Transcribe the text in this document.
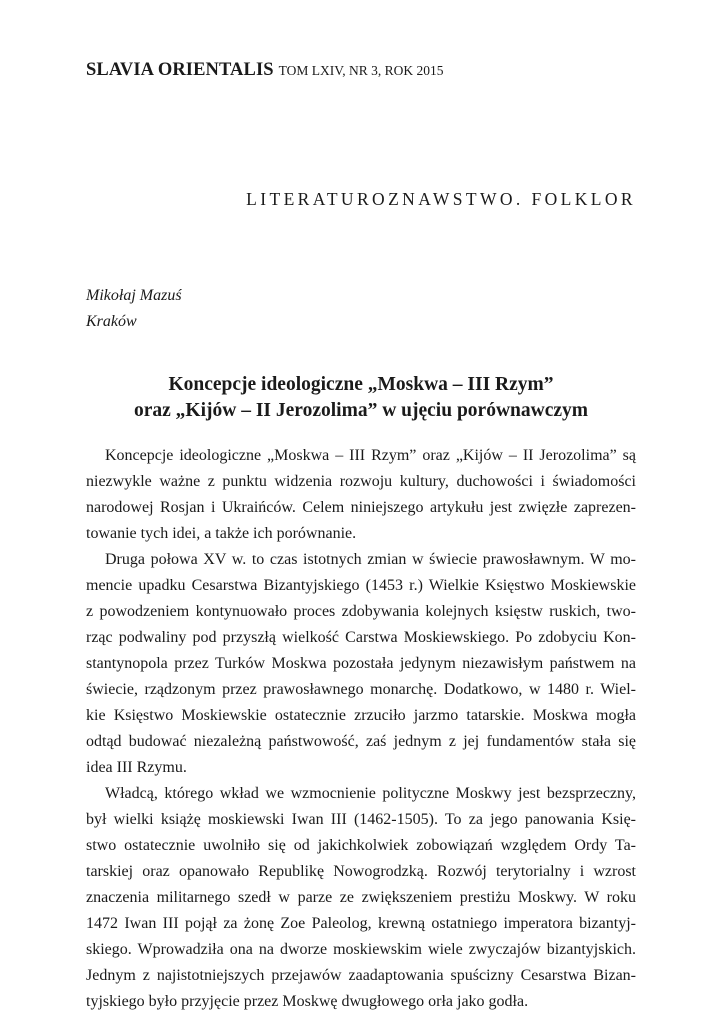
SLAVIA ORIENTALIS TOM LXIV, NR 3, ROK 2015
LITERATUROZNAWSTWO. FOLKLOR
Mikołaj Mazuś
Kraków
Koncepcje ideologiczne „Moskwa – III Rzym”
oraz „Kijów – II Jerozolima” w ujęciu porównawczym
Koncepcje ideologiczne „Moskwa – III Rzym” oraz „Kijów – II Jerozolima” są
niezwykle ważne z punktu widzenia rozwoju kultury, duchowości i świadomości
narodowej Rosjan i Ukraińców. Celem niniejszego artykułu jest zwięzłe zaprezen-
towanie tych idei, a także ich porównanie.
Druga połowa XV w. to czas istotnych zmian w świecie prawosławnym. W mo-
mencie upadku Cesarstwa Bizantyjskiego (1453 r.) Wielkie Księstwo Moskiewskie
z powodzeniem kontynuowało proces zdobywania kolejnych księstw ruskich, two-
rząc podwaliny pod przyszłą wielkość Carstwa Moskiewskiego. Po zdobyciu Kon-
stantynopola przez Turków Moskwa pozostała jedynym niezawisłym państwem na
świecie, rządzonym przez prawosławnego monarchę. Dodatkowo, w 1480 r. Wiel-
kie Księstwo Moskiewskie ostatecznie zrzuciło jarzmo tatarskie. Moskwa mogła
odtąd budować niezależną państwowość, zaś jednym z jej fundamentów stała się
idea III Rzymu.
Władcą, którego wkład we wzmocnienie polityczne Moskwy jest bezsprzeczny,
był wielki książę moskiewski Iwan III (1462-1505). To za jego panowania Księ-
stwo ostatecznie uwolniło się od jakichkolwiek zobowiązań względem Ordy Ta-
tarskiej oraz opanowało Republikę Nowogrodzką. Rozwój terytorialny i wzrost
znaczenia militarnego szedł w parze ze zwiększeniem prestiżu Moskwy. W roku
1472 Iwan III pojął za żonę Zoe Paleolog, krewną ostatniego imperatora bizantyj-
skiego. Wprowadziła ona na dworze moskiewskim wiele zwyczajów bizantyjskich.
Jednym z najistotniejszych przejawów zaadaptowania spuścizny Cesarstwa Bizan-
tyjskiego było przyjęcie przez Moskwę dwugłowego orła jako godła.
